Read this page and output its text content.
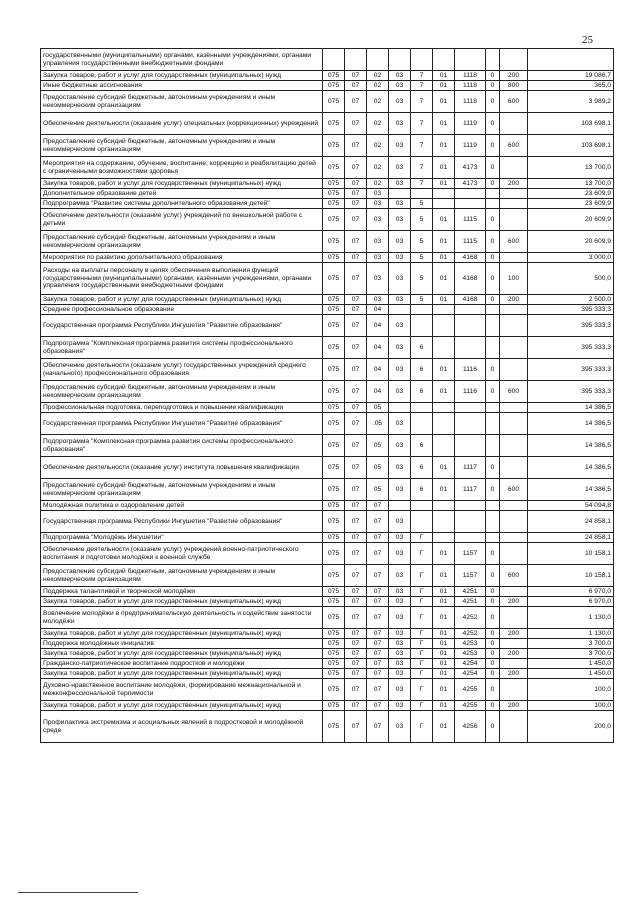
25
государственными (муниципальными) органами, казёнными учреждениями, органами управления государственными внебюджетными фондами										
Закупка товаров, работ и услуг для государственных (муниципальных) нужд	075	07	02	03	7	01	1118	0	200	19 086,7
Иные бюджетные ассигнования	075	07	02	03	7	01	1118	0	800	365,0
Предоставление субсидий бюджетным, автономным учреждениям и иным некоммерческим организациям	075	07	02	03	7	01	1118	0	600	3 989,2
Обеспечение деятельности (оказание услуг) специальных (коррекционных) учреждений	075	07	02	03	7	01	1119	0		103 698,1
Предоставление субсидий бюджетным, автономным учреждениям и иным некоммерческим организациям	075	07	02	03	7	01	1119	0	600	103 698,1
Мероприятия на содержание, обучение, воспитание, коррекцию и реабилитацию детей с ограниченными возможностями здоровья	075	07	02	03	7	01	4173	0		13 700,0
Закупка товаров, работ и услуг для государственных (муниципальных) нужд	075	07	02	03	7	01	4173	0	200	13 700,0
Дополнительное образование детей	075	07	03							23 609,9
Подпрограмма "Развитие системы дополнительного образования детей"	075	07	03	03	5					23 609,9
Обеспечение деятельности (оказание услуг) учреждений по внешкольной работе с детьми	075	07	03	03	5	01	1115	0		20 609,9
Предоставление субсидий бюджетным, автономным учреждениям и иным некоммерческим организациям	075	07	03	03	5	01	1115	0	600	20 609,9
Мероприятия по развитию дополнительного образования	075	07	03	03	5	01	4168	0		3 000,0
Расходы на выплаты персоналу в целях обеспечения выполнения функций государственными (муниципальными) органами, казёнными учреждениями, органами управления государственными внебюджетными фондами	075	07	03	03	5	01	4168	0	100	500,0
Закупка товаров, работ и услуг для государственных (муниципальных) нужд	075	07	03	03	5	01	4168	0	200	2 500,0
Среднее профессиональное образование	075	07	04							395 333,3
Государственная программа Республики Ингушетия "Развитие образования"	075	07	04	03						395 333,3
Подпрограмма "Комплексная программа развития системы профессионального образования"	075	07	04	03	6					395 333,3
Обеспечение деятельности (оказание услуг) государственных учреждений среднего (начального) профессионального образования	075	07	04	03	6	01	1116	0		395 333,3
Предоставление субсидий бюджетным, автономным учреждениям и иным некоммерческим организациям	075	07	04	03	6	01	1116	0	600	395 333,3
Профессиональная подготовка, переподготовка и повышение квалификации	075	07	05							14 386,5
Государственная программа Республики Ингушетия "Развитие образования"	075	07	.05	03						14 386,5
Подпрограмма "Комплексная программа развития системы профессионального образования"	075	07	05	03	6					14 386,5
Обеспечение деятельности (оказание услуг) института повышения квалификации	075	07	05	03	6	01	1117	0		14 386,5
Предоставление субсидий бюджетным, автономным учреждениям и иным некоммерческим организациям	075	07	05	03	6	01	1117	0	600	14 386,5
Молодёжная политика и оздоровление детей	075	07	07							54 094,8
Государственная программа Республики Ингушетия "Развитие образования"	075	07	07	03						24 858,1
Подпрограмма "Молодёжь Ингушетии"	075	07	07	03	Г					24 858,1
Обеспечение деятельности (оказание услуг) учреждений военно-патриотического воспитания и подготовки молодёжи к военной службе	075	07	07	03	Г	01	1157	0		10 158,1
Предоставление субсидий бюджетным, автономным учреждениям и иным некоммерческим организациям	075	07	07	03	Г	01	1157	0	600	10 158,1
Поддержка талантливой и творческой молодёжи	075	07	07	03	Г	01	4251	0		6 970,0
Закупка товаров, работ и услуг для государственных (муниципальных) нужд	075	07	07	03	Г	01	4251	0	200	6 970,0
Вовлечение молодёжи в предпринимательскую деятельность и содействие занятости молодёжи	075	07	07	03	Г	01	4252	0		1 130,0
Закупка товаров, работ и услуг для государственных (муниципальных) нужд	075	07	07	03	Г	01	4252	0	200	1 130,0
Поддержка молодёжных инициатив	075	07	07	03	Г	01	4253	0		3 700,0
Закупка товаров, работ и услуг для государственных (муниципальных) нужд	075	07	07	03	Г	01	4253	0	200	3 700,0
Гражданско-патриотическое воспитание подростков и молодёжи	075	07	07	03	Г	01	4254	0		1 450,0
Закупка товаров, работ и услуг для государственных (муниципальных) нужд	075	07	07	03	Г	01	4254	0	200	1 450,0
Духовно-нравственное воспитание молодёжи, формирование межнациональной и межконфессиональной терпимости	075	07	07	03	Г	01	4255	0		100,0
Закупка товаров, работ и услуг для государственных (муниципальных) нужд	075	07	07	03	Г	01	4255	0	200	100,0
Профилактика экстремизма и асоциальных явлений в подростковой и молодёжной среде	075	07	07	03	Г	01	4256	0		200,0
